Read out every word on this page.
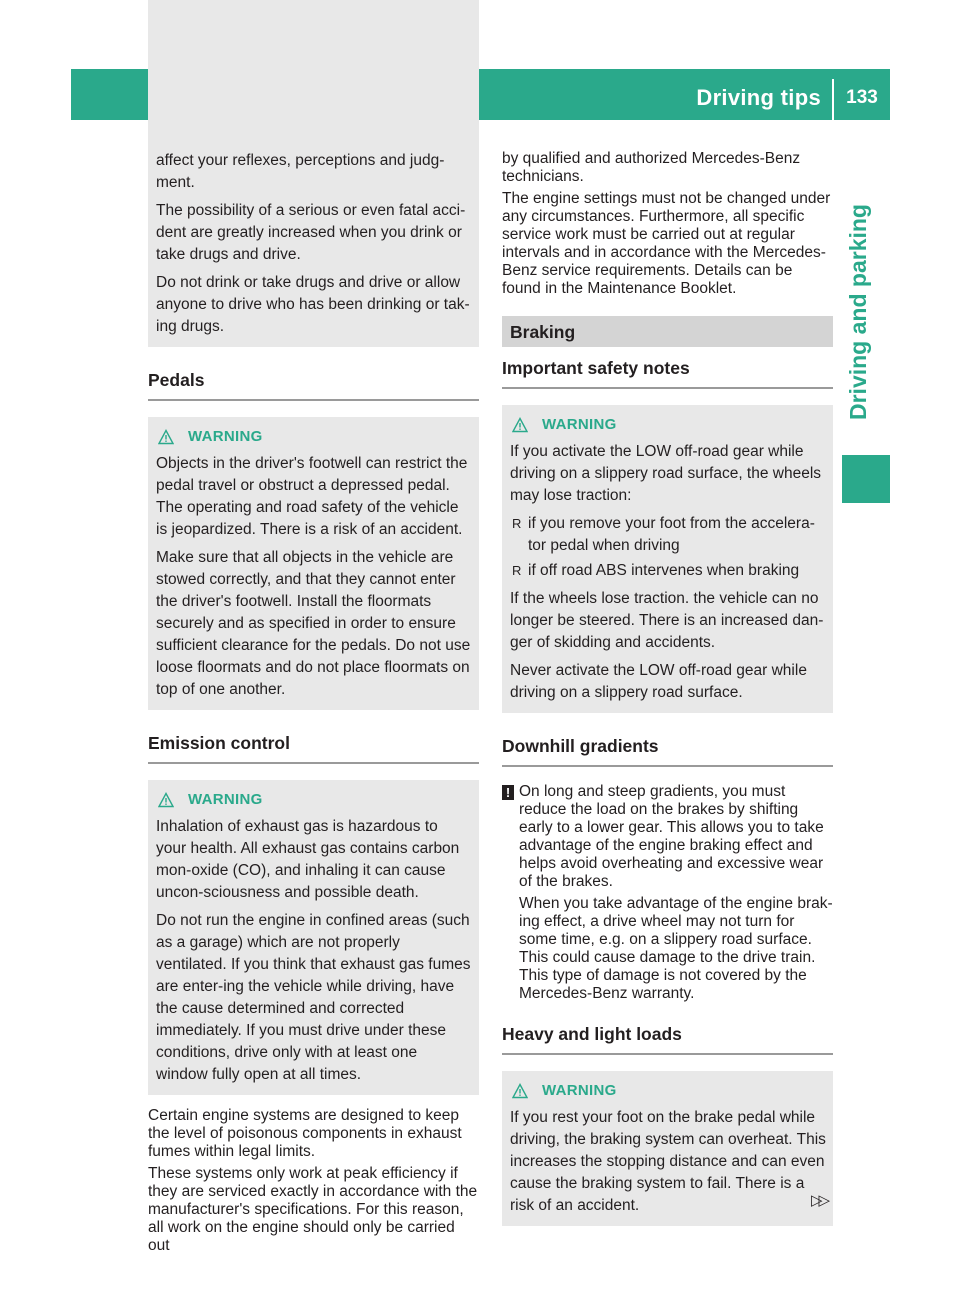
Driving tips	133
Driving and parking

affect your reflexes, perceptions and judg-ment.

The possibility of a serious or even fatal acci-dent are greatly increased when you drink or take drugs and drive.

Do not drink or take drugs and drive or allow anyone to drive who has been drinking or tak-ing drugs.

Pedals
WARNING

Objects in the driver's footwell can restrict the pedal travel or obstruct a depressed pedal. The operating and road safety of the vehicle is jeopardized. There is a risk of an accident.

Make sure that all objects in the vehicle are stowed correctly, and that they cannot enter the driver's footwell. Install the floormats securely and as specified in order to ensure sufficient clearance for the pedals. Do not use loose floormats and do not place floormats on top of one another.

Emission control
WARNING

Inhalation of exhaust gas is hazardous to your health. All exhaust gas contains carbon mon-oxide (CO), and inhaling it can cause uncon-sciousness and possible death.

Do not run the engine in confined areas (such as a garage) which are not properly ventilated. If you think that exhaust gas fumes are enter-ing the vehicle while driving, have the cause determined and corrected immediately. If you must drive under these conditions, drive only with at least one window fully open at all times.

Certain engine systems are designed to keep the level of poisonous components in exhaust fumes within legal limits.

These systems only work at peak efficiency if they are serviced exactly in accordance with the manufacturer's specifications. For this reason, all work on the engine should only be carried out

by qualified and authorized Mercedes-Benz technicians.

The engine settings must not be changed under any circumstances. Furthermore, all specific service work must be carried out at regular intervals and in accordance with the Mercedes-Benz service requirements. Details can be found in the Maintenance Booklet.

Braking
Important safety notes
WARNING

If you activate the LOW off-road gear while driving on a slippery road surface, the wheels may lose traction:

R if you remove your foot from the accelera-tor pedal when driving
R if off road ABS intervenes when braking

If the wheels lose traction. the vehicle can no longer be steered. There is an increased dan-ger of skidding and accidents.

Never activate the LOW off-road gear while driving on a slippery road surface.

Downhill gradients
! On long and steep gradients, you must reduce the load on the brakes by shifting early to a lower gear. This allows you to take advantage of the engine braking effect and helps avoid overheating and excessive wear of the brakes.

When you take advantage of the engine brak-ing effect, a drive wheel may not turn for some time, e.g. on a slippery road surface. This could cause damage to the drive train. This type of damage is not covered by the Mercedes-Benz warranty.

Heavy and light loads
WARNING

If you rest your foot on the brake pedal while driving, the braking system can overheat. This increases the stopping distance and can even cause the braking system to fail. There is a risk of an accident.	▷▷
